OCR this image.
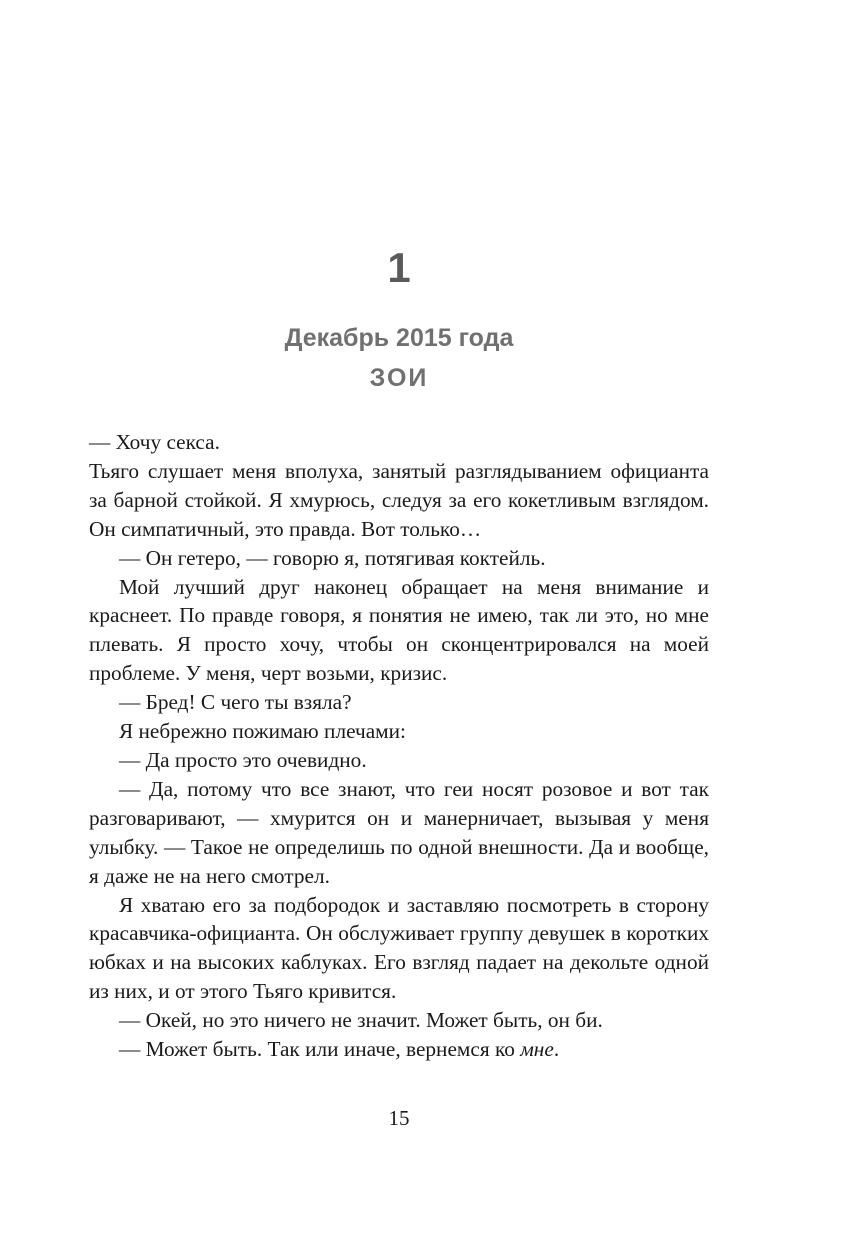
1
Декабрь 2015 года
ЗОИ

— Хочу секса.

Тьяго слушает меня вполуха, занятый разглядыванием официанта за барной стойкой. Я хмурюсь, следуя за его кокетливым взглядом. Он симпатичный, это правда. Вот только…

— Он гетеро, — говорю я, потягивая коктейль.

Мой лучший друг наконец обращает на меня внимание и краснеет. По правде говоря, я понятия не имею, так ли это, но мне плевать. Я просто хочу, чтобы он сконцентрировался на моей проблеме. У меня, черт возьми, кризис.

— Бред! С чего ты взяла?

Я небрежно пожимаю плечами:

— Да просто это очевидно.

— Да, потому что все знают, что геи носят розовое и вот так разговаривают, — хмурится он и манерничает, вызывая у меня улыбку. — Такое не определишь по одной внешности. Да и вообще, я даже не на него смотрел.

Я хватаю его за подбородок и заставляю посмотреть в сторону красавчика-официанта. Он обслуживает группу девушек в коротких юбках и на высоких каблуках. Его взгляд падает на декольте одной из них, и от этого Тьяго кривится.

— Окей, но это ничего не значит. Может быть, он би.

— Может быть. Так или иначе, вернемся ко мне.

15
